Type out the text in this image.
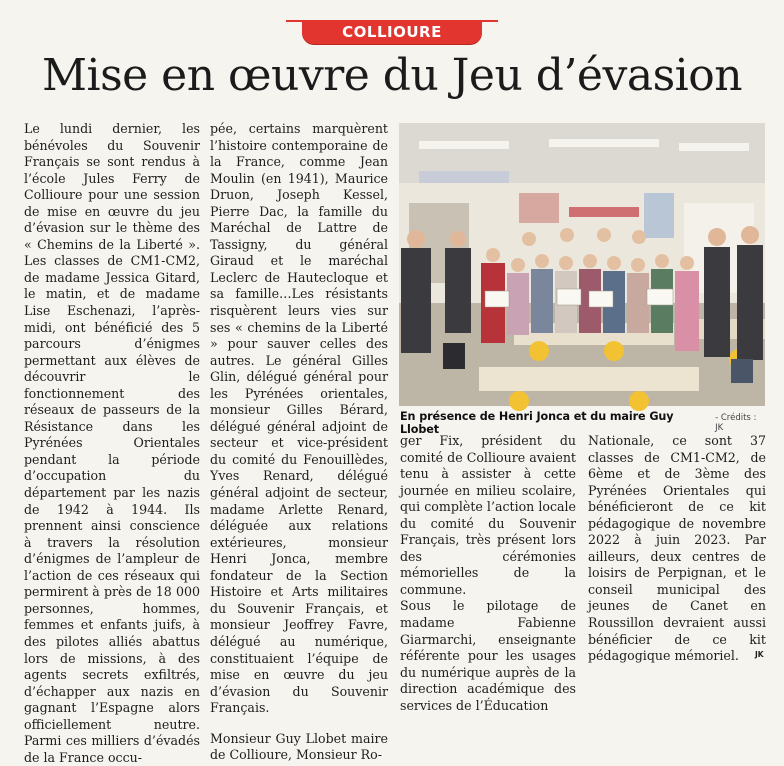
COLLIOURE
Mise en œuvre du Jeu d’évasion

Le lundi dernier, les bénévoles du Souvenir Français se sont rendus à l’école Jules Ferry de Collioure pour une session de mise en œuvre du jeu d’évasion sur le thème des « Chemins de la Liberté ». Les classes de CM1-CM2, de madame Jessica Gitard, le matin, et de madame Lise Eschenazi, l’après-midi, ont bénéficié des 5 parcours d’énigmes permettant aux élèves de découvrir le fonctionnement des réseaux de passeurs de la Résistance dans les Pyrénées Orientales pendant la période d’occupation du département par les nazis de 1942 à 1944. Ils prennent ainsi conscience à travers la résolution d’énigmes de l’ampleur de l’action de ces réseaux qui permirent à près de 18 000 personnes, hommes, femmes et enfants juifs, à des pilotes alliés abattus lors de missions, à des agents secrets exfiltrés, d’échapper aux nazis en gagnant l’Espagne alors officiellement neutre. Parmi ces milliers d’évadés de la France occu-

pée, certains marquèrent l’histoire contemporaine de la France, comme Jean Moulin (en 1941), Maurice Druon, Joseph Kessel, Pierre Dac, la famille du Maréchal de Lattre de Tassigny, du général Giraud et le maréchal Leclerc de Hautecloque et sa famille…Les résistants risquèrent leurs vies sur ses « chemins de la Liberté » pour sauver celles des autres. Le général Gilles Glin, délégué général pour les Pyrénées orientales, monsieur Gilles Bérard, délégué général adjoint de secteur et vice-président du comité du Fenouillèdes, Yves Renard, délégué général adjoint de secteur, madame Arlette Renard, déléguée aux relations extérieures, monsieur Henri Jonca, membre fondateur de la Section Histoire et Arts militaires du Souvenir Français, et monsieur Jeoffrey Favre, délégué au numérique, constituaient l’équipe de mise en œuvre du jeu d’évasion du Souvenir Français.

Monsieur Guy Llobet maire de Collioure, Monsieur Ro-

En présence de Henri Jonca et du maire Guy Llobet
- Crédits : JK

ger Fix, président du comité de Collioure avaient tenu à assister à cette journée en milieu scolaire, qui complète l’action locale du comité du Souvenir Français, très présent lors des cérémonies mémorielles de la commune.

Sous le pilotage de madame Fabienne Giarmarchi, enseignante référente pour les usages du numérique auprès de la direction académique des services de l’Éducation

Nationale, ce sont 37 classes de CM1-CM2, de 6ème et de 3ème des Pyrénées Orientales qui bénéficieront de ce kit pédagogique de novembre 2022 à juin 2023. Par ailleurs, deux centres de loisirs de Perpignan, et le conseil municipal des jeunes de Canet en Roussillon devraient aussi bénéficier de ce kit pédagogique mémoriel.	JK
